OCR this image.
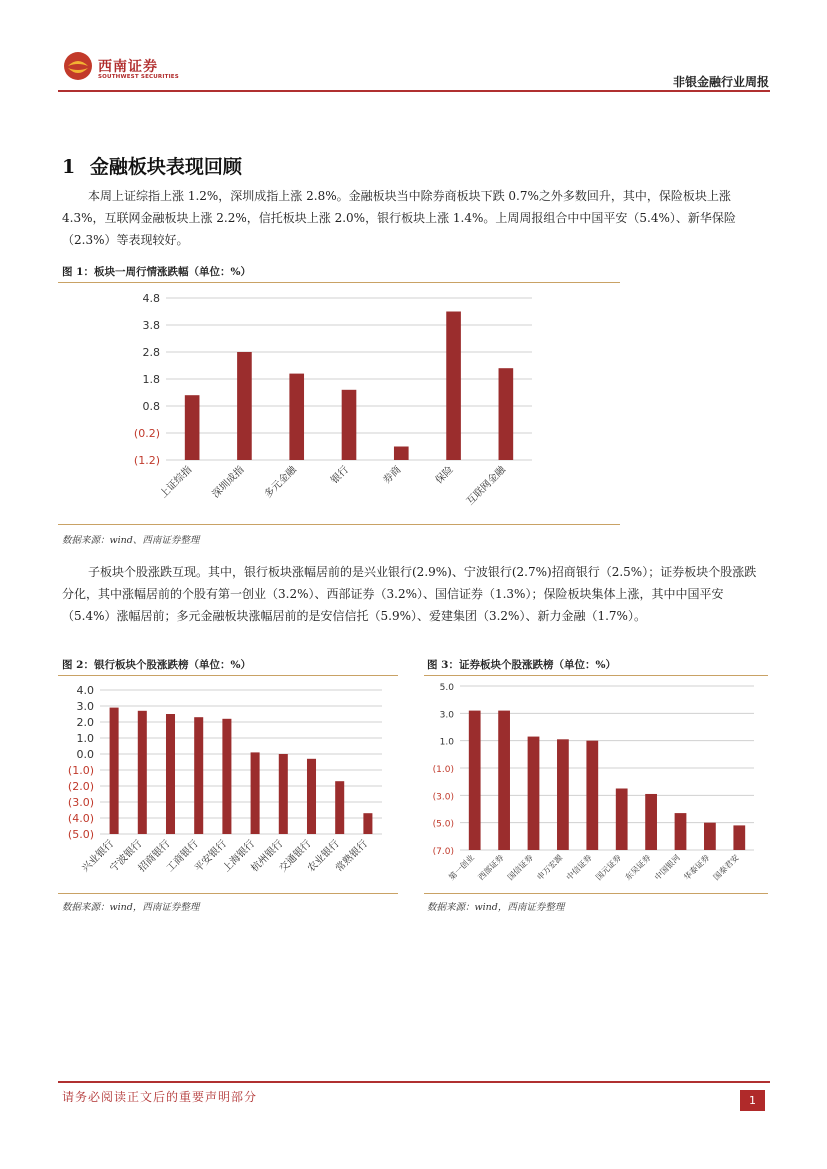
西南证券
SOUTHWEST SECURITIES	非银金融行业周报
1 金融板块表现回顾

本周上证综指上涨 1.2%，深圳成指上涨 2.8%。金融板块当中除券商板块下跌 0.7%之外多数回升，其中，保险板块上涨 4.3%，互联网金融板块上涨 2.2%，信托板块上涨 2.0%，银行板块上涨 1.4%。上周周报组合中中国平安（5.4%）、新华保险（2.3%）等表现较好。

图 1：板块一周行情涨跌幅（单位：%）
4.8
3.8
2.8
1.8
0.8
(0.2)
(1.2)
上证综指 深圳成指 多元金融	银行	券商	保险 互联网金融
数据来源：wind、西南证券整理

子板块个股涨跌互现。其中，银行板块涨幅居前的是兴业银行(2.9%)、宁波银行(2.7%)招商银行（2.5%）；证券板块个股涨跌分化，其中涨幅居前的个股有第一创业（3.2%）、西部证券（3.2%）、国信证券（1.3%）；保险板块集体上涨，其中中国平安（5.4%）涨幅居前；多元金融板块涨幅居前的是安信信托（5.9%）、爱建集团（3.2%）、新力金融（1.7%）。

图 2：银行板块个股涨跌榜（单位：%）
4.0
3.0
2.0
1.0
0.0
(1.0)
(2.0)
(3.0)
(4.0)
(5.0)
兴业银行
宁波银行
招商银行
工商银行
平安银行
上海银行
杭州银行
交通银行
农业银行
常熟银行
数据来源：wind，西南证券整理
图 3：证券板块个股涨跌榜（单位：%）
5.0
3.0
1.0
(1.0)
(3.0)
(5.0)
(7.0)
第一创业 西部证券 国信证券 申万宏源 中信证券 国元证券 东吴证券 中国银河 华泰证券 国泰君安
数据来源：wind，西南证券整理
请务必阅读正文后的重要声明部分	1
